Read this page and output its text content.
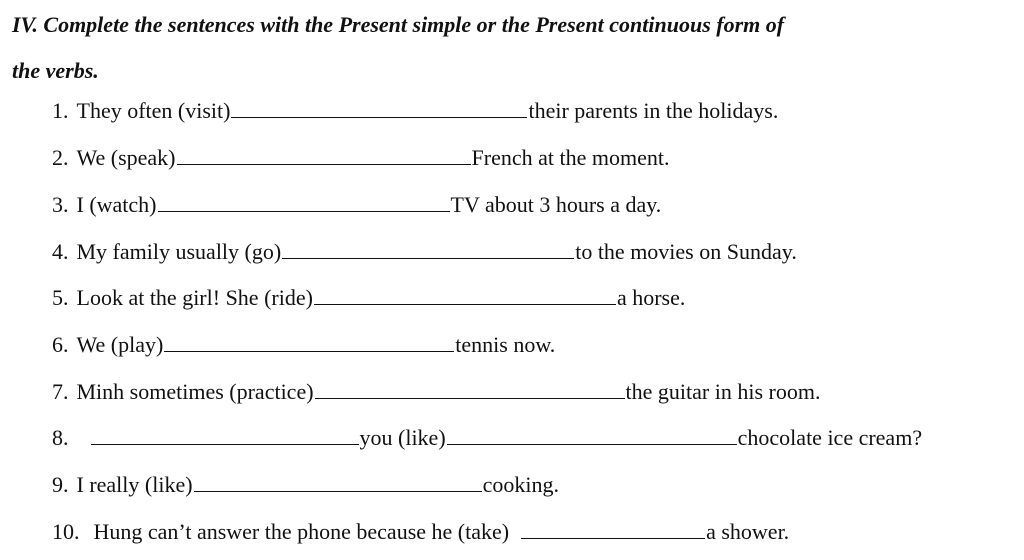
IV. Complete the sentences with the Present simple or the Present continuous form of
the verbs.
1. They often (visit)	their parents in the holidays.
2. We (speak)	French at the moment.
3. I (watch)	TV about 3 hours a day.
4. My family usually (go)	to the movies on Sunday.
5. Look at the girl! She (ride)	a horse.
6. We (play)	tennis now.
7. Minh sometimes (practice)	the guitar in his room.
8.	you (like)	chocolate ice cream?
9. I really (like)	cooking.
10. Hung can’t answer the phone because he (take)	a shower.
